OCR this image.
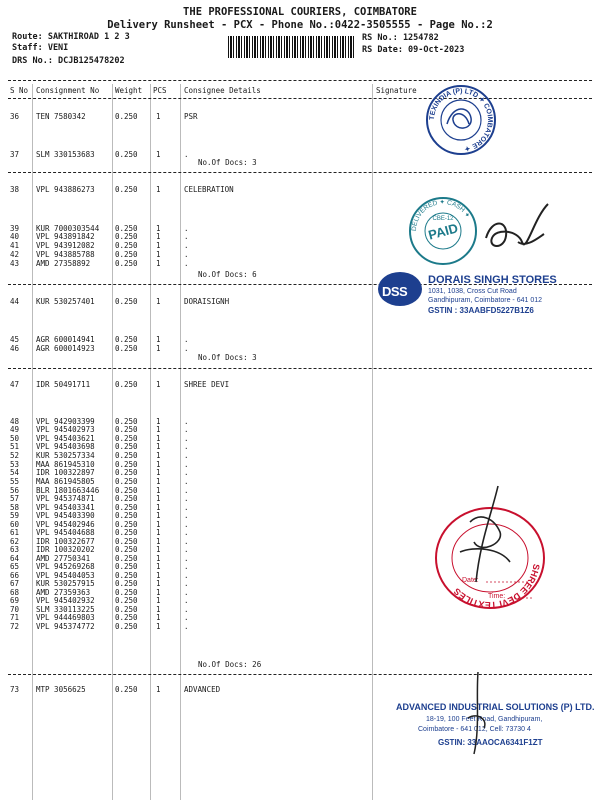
THE PROFESSIONAL COURIERS, COIMBATORE
Delivery Runsheet - PCX - Phone No.:0422-3505555 - Page No.:2
Route: SAKTHIROAD 1 2 3
Staff: VENI
DRS No.: DCJB125478202
RS No.: 1254782
RS Date: 09-Oct-2023
S No Consignment No Weight PCS Consignee Details	Signature
36 TEN 7580342	0.250 1	PSR
37 SLM 330153683	0.250 1	.
38 VPL 943886273	0.250 1	CELEBRATION
39 KUR 7000303544 0.250 1	.
40 VPL 943891842	0.250 1	.
41 VPL 943912082	0.250 1	.
42 VPL 943885788	0.250 1	.
43 AMD 27358892	0.250 1	.
44 KUR 530257401	0.250 1	DORAISIGNH
45 AGR 600014941	0.250 1	.
46 AGR 600014923	0.250 1	.
47 IDR 50491711	0.250 1	SHREE DEVI
48 VPL 942903399	0.250 1	.
49 VPL 945402973	0.250 1	.
50 VPL 945403621	0.250 1	.
51 VPL 945403698	0.250 1	.
52 KUR 530257334	0.250 1	.
53 MAA 861945310	0.250 1	.
54 IDR 100322897	0.250 1	.
55 MAA 861945805	0.250 1	.
56 BLR 1801663446 0.250 1	.
57 VPL 945374871	0.250 1	.
58 VPL 945403341	0.250 1	.
59 VPL 945403390	0.250 1	.
60 VPL 945402946	0.250 1	.
61 VPL 945404688	0.250 1	.
62 IDR 100322677	0.250 1	.
63 IDR 100320202	0.250 1	.
64 AMD 27750341	0.250 1	.
65 VPL 945269268	0.250 1	.
66 VPL 945404053	0.250 1	.
67 KUR 530257915	0.250 1	.
68 AMD 27359363	0.250 1	.
69 VPL 945402932	0.250 1	.
70 SLM 330113225	0.250 1	.
71 VPL 944469803	0.250 1	.
72 VPL 945374772	0.250 1	.
73 MTP 3056625	0.250 1	ADVANCED
No.Of Docs: 3
No.Of Docs: 6
No.Of Docs: 3
No.Of Docs: 26
TEXINDIA (P) LTD ✦ COIMBATORE ✦
PAID
CBE-12
DELIVERED ✦ CASH ✦
DSS
DORAIS SINGH STORES
1031, 1038, Cross Cut Road
Gandhipuram, Coimbatore - 641 012
GSTIN : 33AABFD5227B1Z6
SHREE DEVI TEXTILES
Date:
Time:
ADVANCED INDUSTRIAL SOLUTIONS (P) LTD.
18-19, 100 Feet Road, Gandhipuram,
Coimbatore - 641 012, Cell: 73730 4
GSTIN: 33AAOCA6341F1ZT
